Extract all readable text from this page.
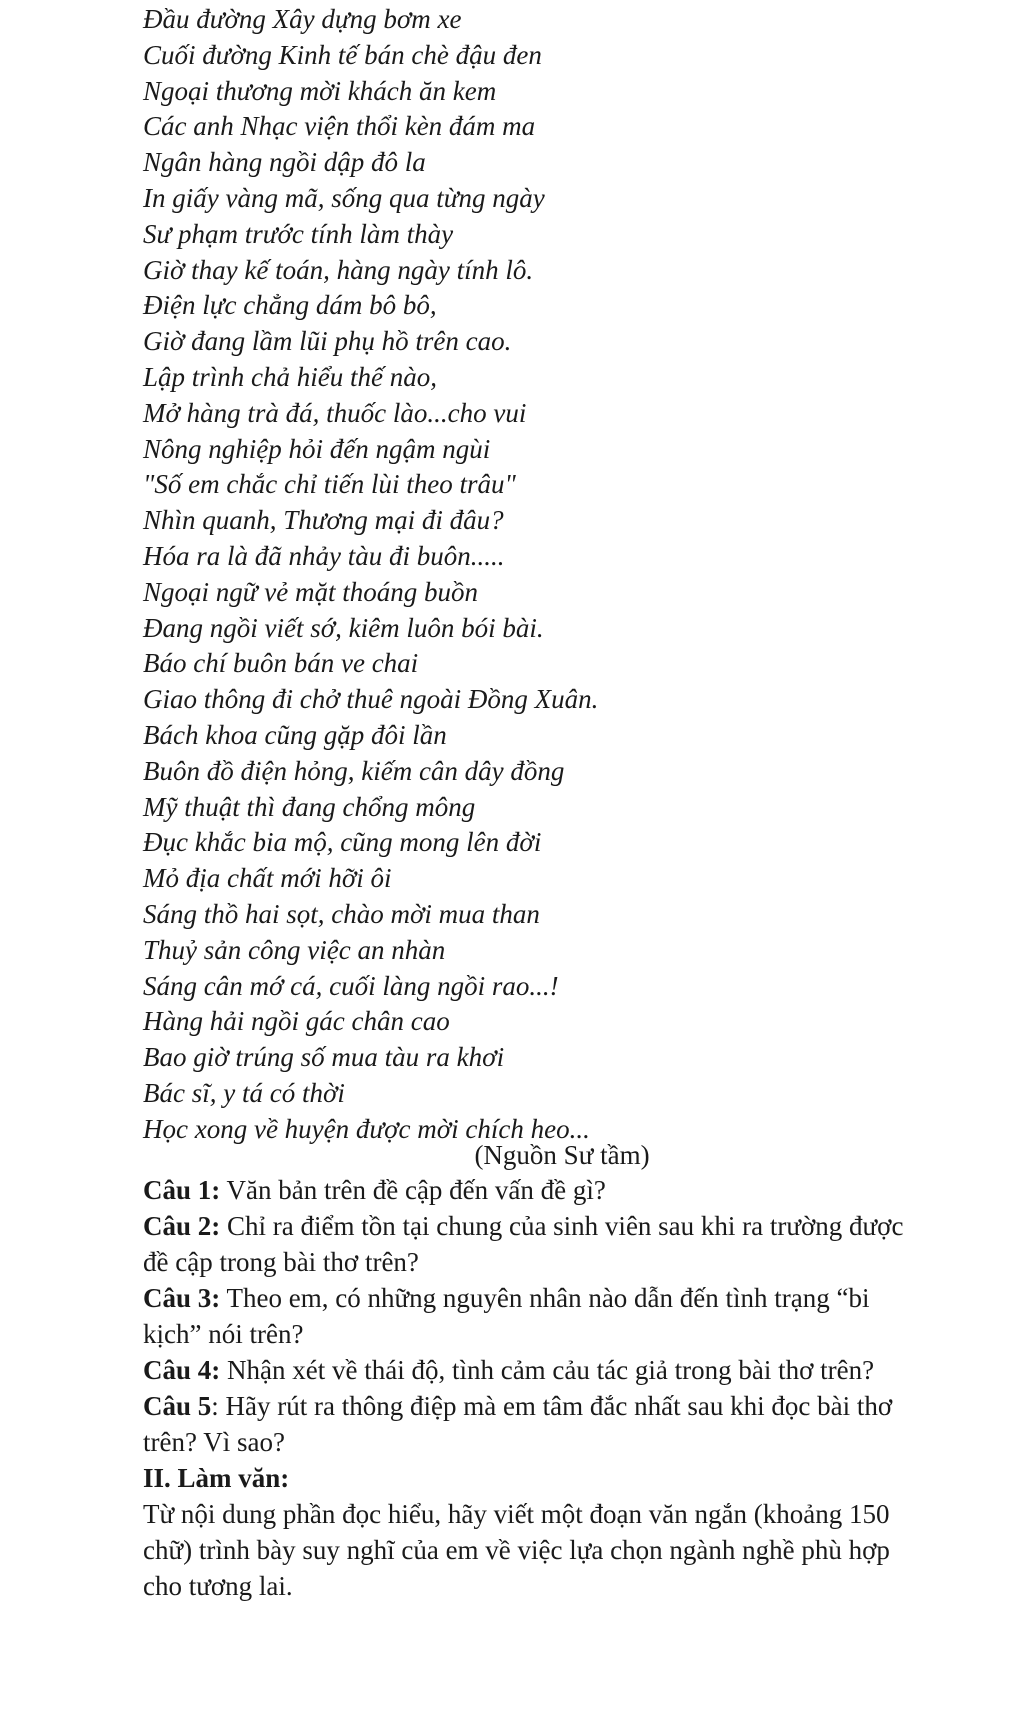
Đầu đường Xây dựng bơm xe
Cuối đường Kinh tế bán chè đậu đen
Ngoại thương mời khách ăn kem
Các anh Nhạc viện thổi kèn đám ma
Ngân hàng ngồi dập đô la
In giấy vàng mã, sống qua từng ngày
Sư phạm trước tính làm thày
Giờ thay kế toán, hàng ngày tính lô.
Điện lực chẳng dám bô bô,
Giờ đang lầm lũi phụ hồ trên cao.
Lập trình chả hiểu thế nào,
Mở hàng trà đá, thuốc lào...cho vui
Nông nghiệp hỏi đến ngậm ngùi
"Số em chắc chỉ tiến lùi theo trâu"
Nhìn quanh, Thương mại đi đâu?
Hóa ra là đã nhảy tàu đi buôn.....
Ngoại ngữ vẻ mặt thoáng buồn
Đang ngồi viết sớ, kiêm luôn bói bài.
Báo chí buôn bán ve chai
Giao thông đi chở thuê ngoài Đồng Xuân.
Bách khoa cũng gặp đôi lần
Buôn đồ điện hỏng, kiếm cân dây đồng
Mỹ thuật thì đang chổng mông
Đục khắc bia mộ, cũng mong lên đời
Mỏ địa chất mới hỡi ôi
Sáng thồ hai sọt, chào mời mua than
Thuỷ sản công việc an nhàn
Sáng cân mớ cá, cuối làng ngồi rao...!
Hàng hải ngồi gác chân cao
Bao giờ trúng số mua tàu ra khơi
Bác sĩ, y tá có thời
Học xong về huyện được mời chích heo...
(Nguồn Sư tầm)

Câu 1: Văn bản trên đề cập đến vấn đề gì?

Câu 2: Chỉ ra điểm tồn tại chung của sinh viên sau khi ra trường được đề cập trong bài thơ trên?

Câu 3: Theo em, có những nguyên nhân nào dẫn đến tình trạng “bi kịch” nói trên?

Câu 4: Nhận xét về thái độ, tình cảm cảu tác giả trong bài thơ trên?

Câu 5: Hãy rút ra thông điệp mà em tâm đắc nhất sau khi đọc bài thơ trên? Vì sao?

II. Làm văn:

Từ nội dung phần đọc hiểu, hãy viết một đoạn văn ngắn (khoảng 150 chữ) trình bày suy nghĩ của em về việc lựa chọn ngành nghề phù hợp cho tương lai.
